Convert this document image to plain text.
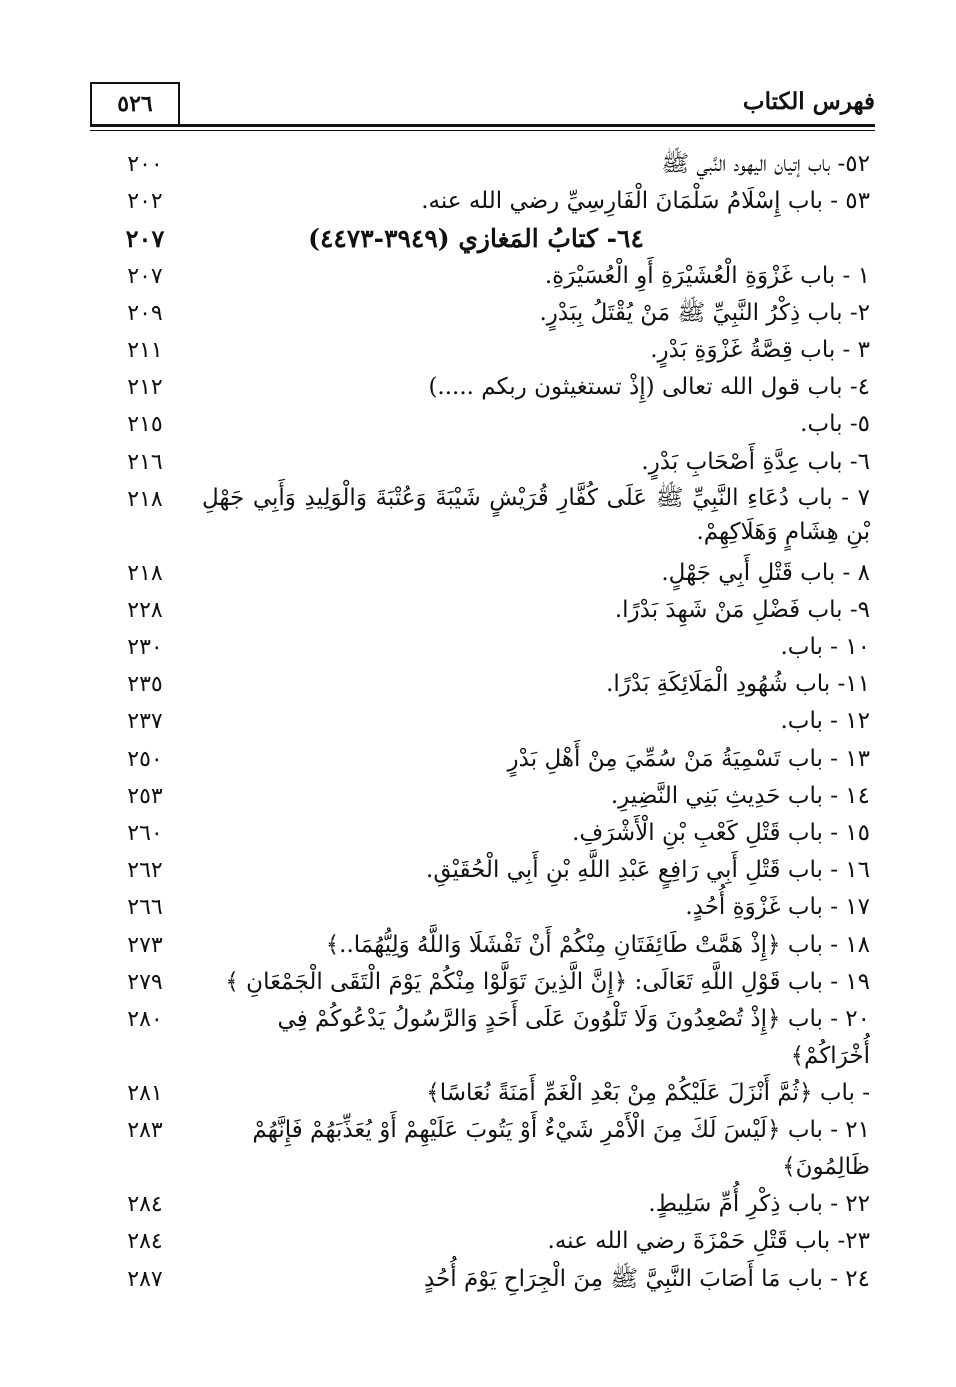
٥٢٦	فهرس الكتاب
٢٠٠	٥٢- باب إتيان اليهود النَّبي ﷺ
٢٠٢	٥٣ - باب إِسْلَامُ سَلْمَانَ الْفَارِسِيِّ رضي الله عنه.
٢٠٧	٦٤- كتابُ المَغازي (٣٩٤٩-٤٤٧٣)
٢٠٧	١ - باب غَزْوَةِ الْعُشَيْرَةِ أَوِ الْعُسَيْرَةِ.
٢٠٩	٢- باب ذِكْرُ النَّبِيِّ ﷺ مَنْ يُقْتَلُ بِبَدْرٍ.
٢١١	٣ - باب قِصَّةُ غَزْوَةِ بَدْرٍ.
٢١٢	٤- باب قول الله تعالى (إِذْ تستغيثون ربكم .....)
٢١٥	٥- باب.
٢١٦	٦- باب عِدَّةِ أَصْحَابِ بَدْرٍ.
٢١٨	٧ - باب دُعَاءِ النَّبِيِّ ﷺ عَلَى كُفَّارِ قُرَيْشٍ شَيْبَةَ وَعُتْبَةَ وَالْوَلِيدِ وَأَبِي جَهْلِ بْنِ هِشَامٍ وَهَلَاكِهِمْ.
٢١٨	٨ - باب قَتْلِ أَبِي جَهْلٍ.
٢٢٨	٩- باب فَضْلِ مَنْ شَهِدَ بَدْرًا.
٢٣٠	١٠ - باب.
٢٣٥	١١- باب شُهُودِ الْمَلَائِكَةِ بَدْرًا.
٢٣٧	١٢ - باب.
٢٥٠	١٣ - باب تَسْمِيَةُ مَنْ سُمِّيَ مِنْ أَهْلِ بَدْرٍ
٢٥٣	١٤ - باب حَدِيثِ بَنِي النَّضِيرِ.
٢٦٠	١٥ - باب قَتْلِ كَعْبِ بْنِ الْأَشْرَفِ.
٢٦٢	١٦ - باب قَتْلِ أَبِي رَافِعٍ عَبْدِ اللَّهِ بْنِ أَبِي الْحُقَيْقِ.
٢٦٦	١٧ - باب غَزْوَةِ أُحُدٍ.
٢٧٣	١٨ - باب ﴿إِذْ هَمَّتْ طَائِفَتَانِ مِنْكُمْ أَنْ تَفْشَلَا وَاللَّهُ وَلِيُّهُمَا..﴾
٢٧٩	١٩ - باب قَوْلِ اللَّهِ تَعَالَى: ﴿إِنَّ الَّذِينَ تَوَلَّوْا مِنْكُمْ يَوْمَ الْتَقَى الْجَمْعَانِ ﴾
٢٨٠	٢٠ - باب ﴿إِذْ تُصْعِدُونَ وَلَا تَلْوُونَ عَلَى أَحَدٍ وَالرَّسُولُ يَدْعُوكُمْ فِي أُخْرَاكُمْ﴾
٢٨١	- باب ﴿ثُمَّ أَنْزَلَ عَلَيْكُمْ مِنْ بَعْدِ الْغَمِّ أَمَنَةً نُعَاسًا﴾
٢٨٣	٢١ - باب ﴿لَيْسَ لَكَ مِنَ الْأَمْرِ شَيْءٌ أَوْ يَتُوبَ عَلَيْهِمْ أَوْ يُعَذِّبَهُمْ فَإِنَّهُمْ ظَالِمُونَ﴾
٢٨٤	٢٢ - باب ذِكْرِ أُمِّ سَلِيطٍ.
٢٨٤	٢٣- باب قَتْلِ حَمْزَةَ رضي الله عنه.
٢٨٧	٢٤ - باب مَا أَصَابَ النَّبِيَّ ﷺ مِنَ الْجِرَاحِ يَوْمَ أُحُدٍ
